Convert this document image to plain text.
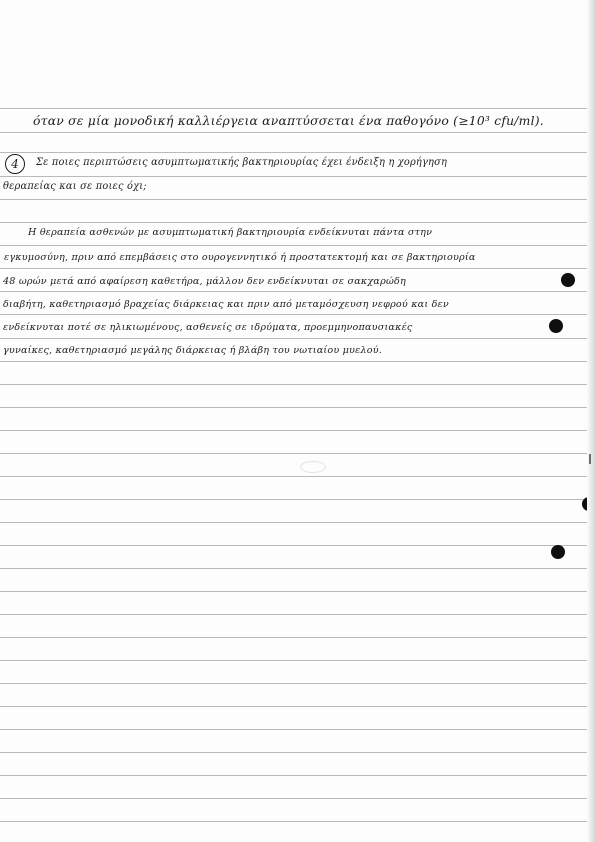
όταν σε μία μονοδική καλλιέργεια αναπτύσσεται ένα παθογόνο (≥10³ cfu/ml).
4	Σε ποιες περιπτώσεις ασυμπτωματικής βακτηριουρίας έχει ένδειξη η χορήγηση
θεραπείας και σε ποιες όχι;
Η θεραπεία ασθενών με ασυμπτωματική βακτηριουρία ενδείκνυται πάντα στην
εγκυμοσύνη, πριν από επεμβάσεις στο ουρογεννητικό ή προστατεκτομή και σε βακτηριουρία
48 ωρών μετά από αφαίρεση καθετήρα, μάλλον δεν ενδείκνυται σε σακχαρώδη
διαβήτη, καθετηριασμό βραχείας διάρκειας και πριν από μεταμόσχευση νεφρού και δεν
ενδείκνυται ποτέ σε ηλικιωμένους, ασθενείς σε ιδρύματα, προεμμηνοπαυσιακές
γυναίκες, καθετηριασμό μεγάλης διάρκειας ή βλάβη του νωτιαίου μυελού.
